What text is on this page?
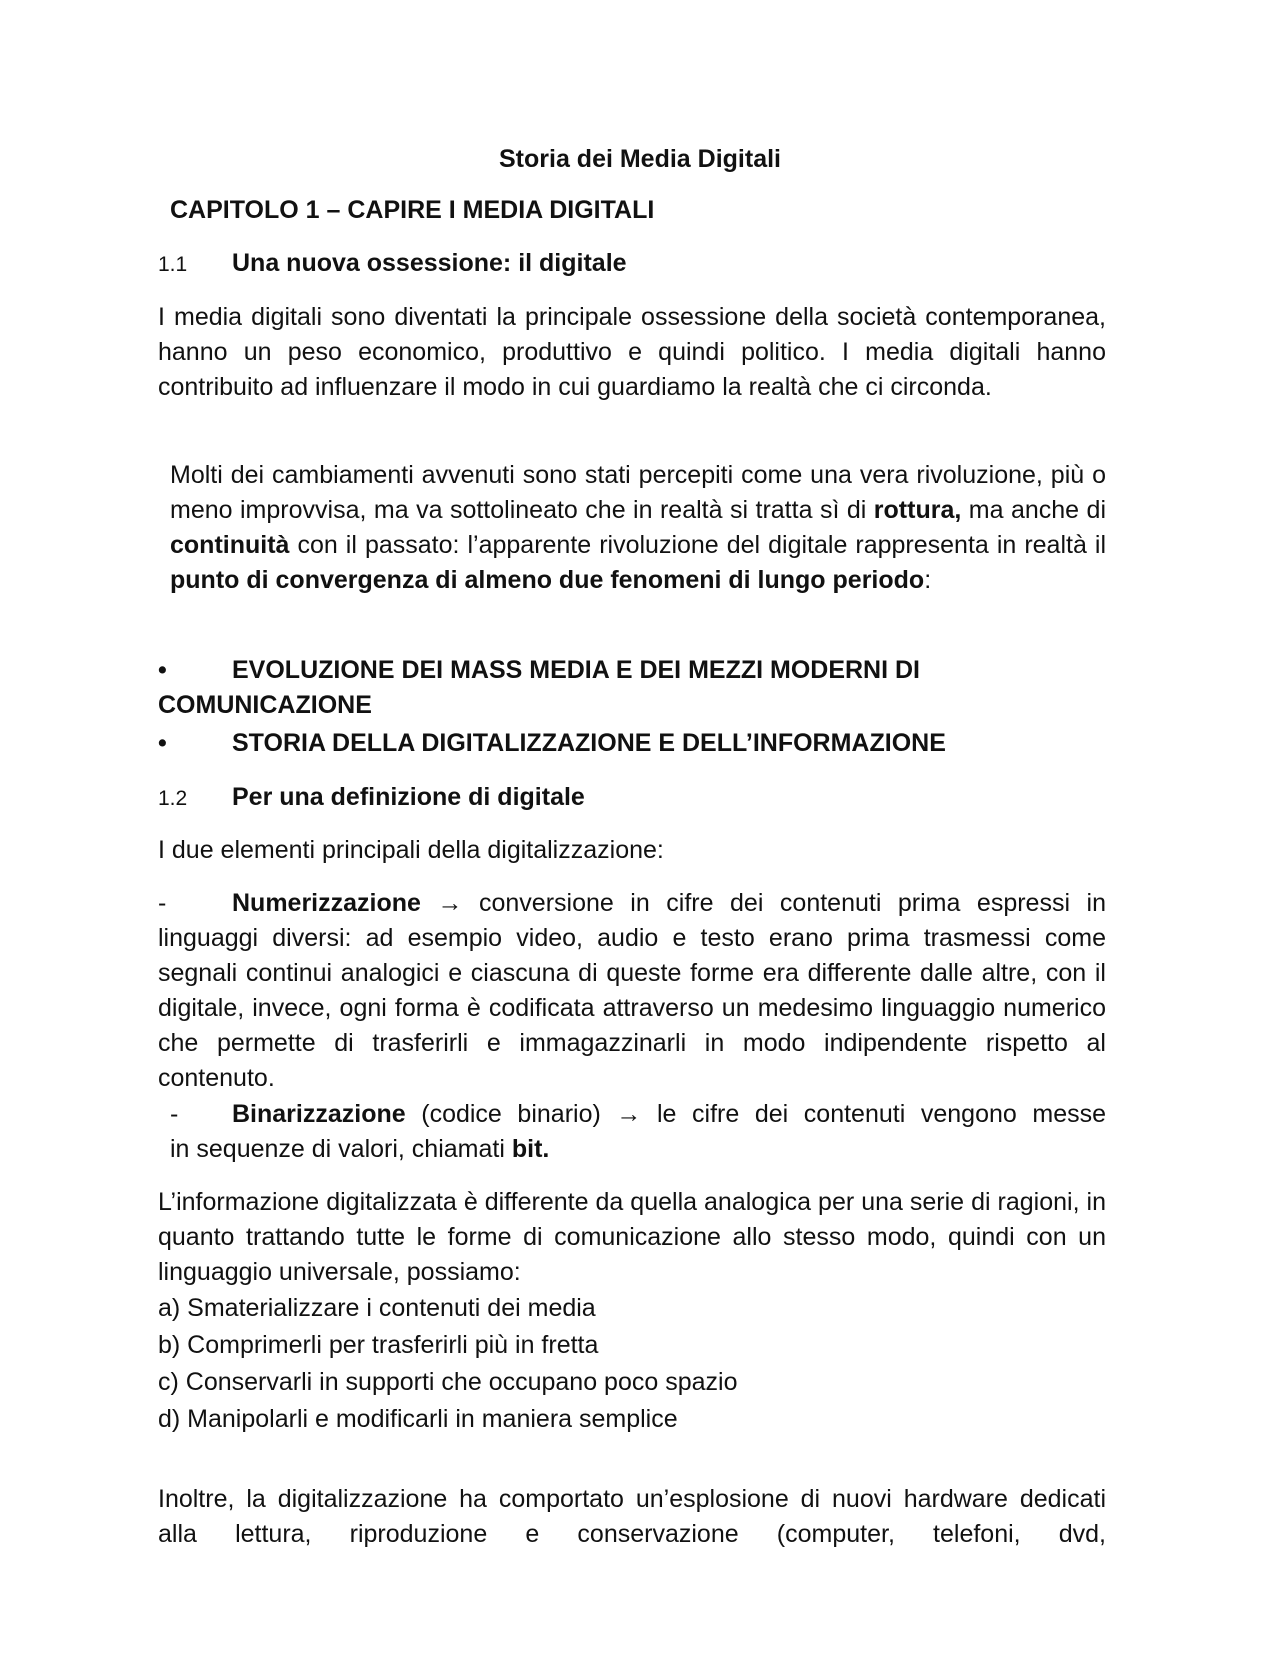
Storia dei Media Digitali
CAPITOLO 1 – CAPIRE I MEDIA DIGITALI
1.1 Una nuova ossessione: il digitale
I media digitali sono diventati la principale ossessione della società contemporanea, hanno un peso economico, produttivo e quindi politico. I media digitali hanno contribuito ad influenzare il modo in cui guardiamo la realtà che ci circonda.
Molti dei cambiamenti avvenuti sono stati percepiti come una vera rivoluzione, più o meno improvvisa, ma va sottolineato che in realtà si tratta sì di rottura, ma anche di continuità con il passato: l’apparente rivoluzione del digitale rappresenta in realtà il punto di convergenza di almeno due fenomeni di lungo periodo:
•	EVOLUZIONE DEI MASS MEDIA E DEI MEZZI MODERNI DI
COMUNICAZIONE
•	STORIA DELLA DIGITALIZZAZIONE E DELL’INFORMAZIONE
1.2 Per una definizione di digitale
I due elementi principali della digitalizzazione:
-	Numerizzazione → conversione in cifre dei contenuti prima espressi in linguaggi diversi: ad esempio video, audio e testo erano prima trasmessi come segnali continui analogici e ciascuna di queste forme era differente dalle altre, con il digitale, invece, ogni forma è codificata attraverso un medesimo linguaggio numerico che permette di trasferirli e immagazzinarli in modo indipendente rispetto al contenuto.
- Binarizzazione (codice binario) → le cifre dei contenuti vengono messe
in sequenze di valori, chiamati bit.
L’informazione digitalizzata è differente da quella analogica per una serie di ragioni, in quanto trattando tutte le forme di comunicazione allo stesso modo, quindi con un linguaggio universale, possiamo:
a) Smaterializzare i contenuti dei media
b) Comprimerli per trasferirli più in fretta
c) Conservarli in supporti che occupano poco spazio
d) Manipolarli e modificarli in maniera semplice
Inoltre, la digitalizzazione ha comportato un’esplosione di nuovi hardware dedicati alla lettura, riproduzione e conservazione (computer, telefoni, dvd,
